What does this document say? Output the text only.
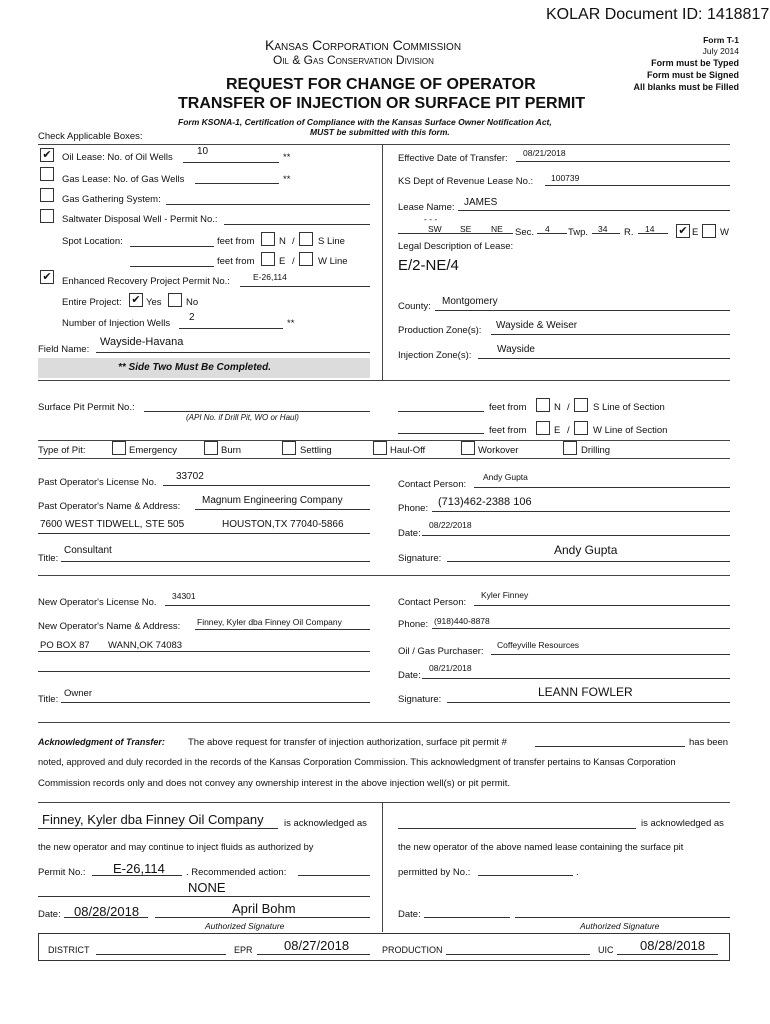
KOLAR Document ID: 1418817
Kansas Corporation Commission
Oil & Gas Conservation Division
Form T-1
July 2014
Form must be Typed
Form must be Signed
All blanks must be Filled
REQUEST FOR CHANGE OF OPERATOR
TRANSFER OF INJECTION OR SURFACE PIT PERMIT
Form KSONA-1, Certification of Compliance with the Kansas Surface Owner Notification Act,
MUST be submitted with this form.
Check Applicable Boxes:
✔ Oil Lease: No. of Oil Wells
10
**
Gas Lease: No. of Gas Wells	**
Gas Gathering System:
Saltwater Disposal Well - Permit No.:
Spot Location:	feet from	N / S Line
feet from	E / W Line
✔ Enhanced Recovery Project Permit No.:	E-26,114
Entire Project: ✔ Yes	No
Number of Injection Wells
2
**
Field Name:
Wayside-Havana
** Side Two Must Be Completed.
Effective Date of Transfer: 08/21/2018
KS Dept of Revenue Lease No.: 100739
Lease Name: JAMES
- - -
SW SE NE Sec. 4 Twp. 34 R. 14 ✔ E W
Legal Description of Lease:
E/2-NE/4
County: Montgomery
Production Zone(s): Wayside & Weiser
Injection Zone(s):
Wayside
Surface Pit Permit No.:
(API No. if Drill Pit, WO or Haul)
feet from	N / S Line of Section
feet from	E / W Line of Section
Type of Pit:	Emergency	Burn	Settling	Haul-Off	Workover	Drilling
Past Operator's License No.
33702
Past Operator's Name & Address:
Magnum Engineering Company
7600 WEST TIDWELL, STE 505	HOUSTON,TX 77040-5866
Title:
Consultant
Contact Person:
Andy Gupta
Phone:
(713)462-2388 106
Date:
08/22/2018
Signature:
Andy Gupta
New Operator's License No.
34301
New Operator's Name & Address: Finney, Kyler dba Finney Oil Company
PO BOX 87 WANN,OK 74083
Title:
Owner
Contact Person:
Kyler Finney
Phone: (918)440-8878
Oil / Gas Purchaser:
Coffeyville Resources
Date:
08/21/2018
Signature:
LEANN FOWLER
Acknowledgment of Transfer: The above request for transfer of injection authorization, surface pit permit #	has been
noted, approved and duly recorded in the records of the Kansas Corporation Commission. This acknowledgment of transfer pertains to Kansas Corporation
Commission records only and does not convey any ownership interest in the above injection well(s) or pit permit.
Finney, Kyler dba Finney Oil Company is acknowledged as
the new operator and may continue to inject fluids as authorized by
Permit No.: E-26,114 . Recommended action:
NONE
Date: 08/28/2018	April Bohm
Authorized Signature
is acknowledged as
the new operator of the above named lease containing the surface pit
permitted by No.:	.
Date:
Authorized Signature
DISTRICT	EPR 08/27/2018	PRODUCTION	UIC 08/28/2018
